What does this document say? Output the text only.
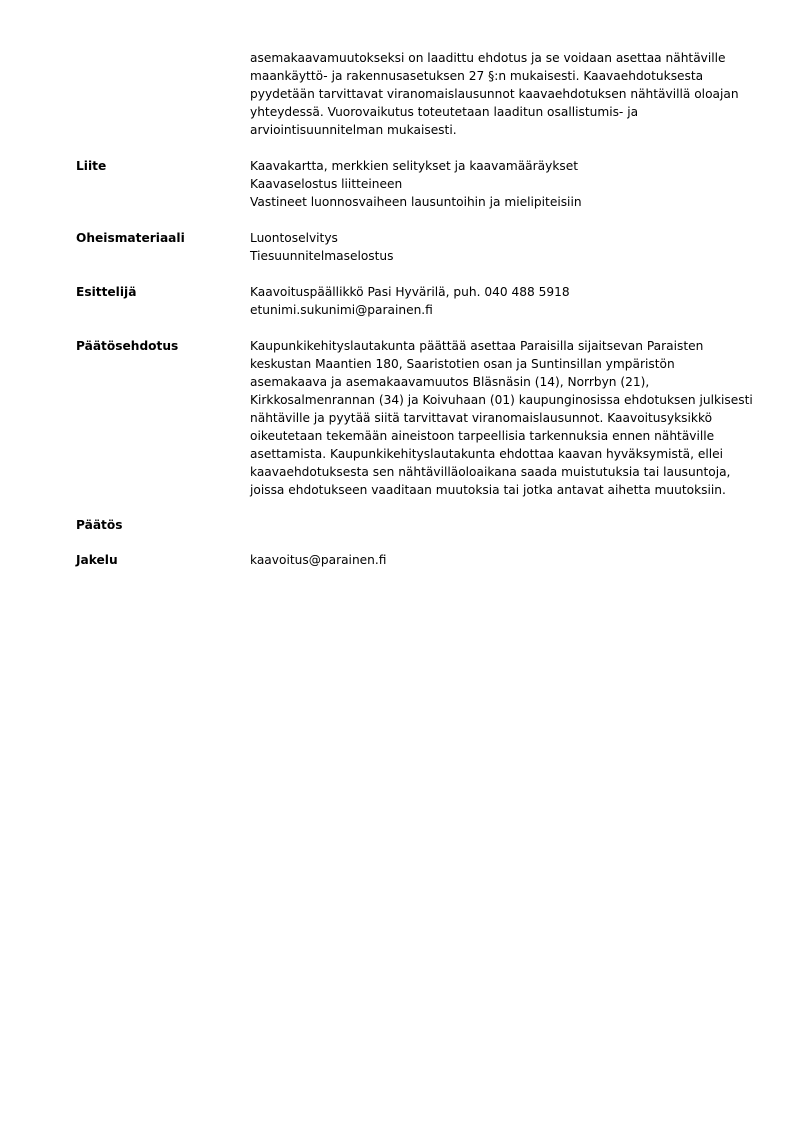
asemakaavamuutokseksi on laadittu ehdotus ja se voidaan asettaa nähtäville
maankäyttö- ja rakennusasetuksen 27 §:n mukaisesti. Kaavaehdotuksesta
pyydetään tarvittavat viranomaislausunnot kaavaehdotuksen nähtävillä oloajan
yhteydessä. Vuorovaikutus toteutetaan laaditun osallistumis- ja
arviointisuunnitelman mukaisesti.
Liite	Kaavakartta, merkkien selitykset ja kaavamääräykset
Kaavaselostus liitteineen
Vastineet luonnosvaiheen lausuntoihin ja mielipiteisiin
Oheismateriaali	Luontoselvitys
Tiesuunnitelmaselostus
Esittelijä	Kaavoituspäällikkö Pasi Hyvärilä, puh. 040 488 5918
etunimi.sukunimi@parainen.fi
Päätösehdotus	Kaupunkikehityslautakunta päättää asettaa Paraisilla sijaitsevan Paraisten
keskustan Maantien 180, Saaristotien osan ja Suntinsillan ympäristön
asemakaava ja asemakaavamuutos Bläsnäsin (14), Norrbyn (21),
Kirkkosalmenrannan (34) ja Koivuhaan (01) kaupunginosissa ehdotuksen julkisesti
nähtäville ja pyytää siitä tarvittavat viranomaislausunnot. Kaavoitusyksikkö
oikeutetaan tekemään aineistoon tarpeellisia tarkennuksia ennen nähtäville
asettamista. Kaupunkikehityslautakunta ehdottaa kaavan hyväksymistä, ellei
kaavaehdotuksesta sen nähtävilläoloaikana saada muistutuksia tai lausuntoja,
joissa ehdotukseen vaaditaan muutoksia tai jotka antavat aihetta muutoksiin.
Päätös
Jakelu	kaavoitus@parainen.fi
